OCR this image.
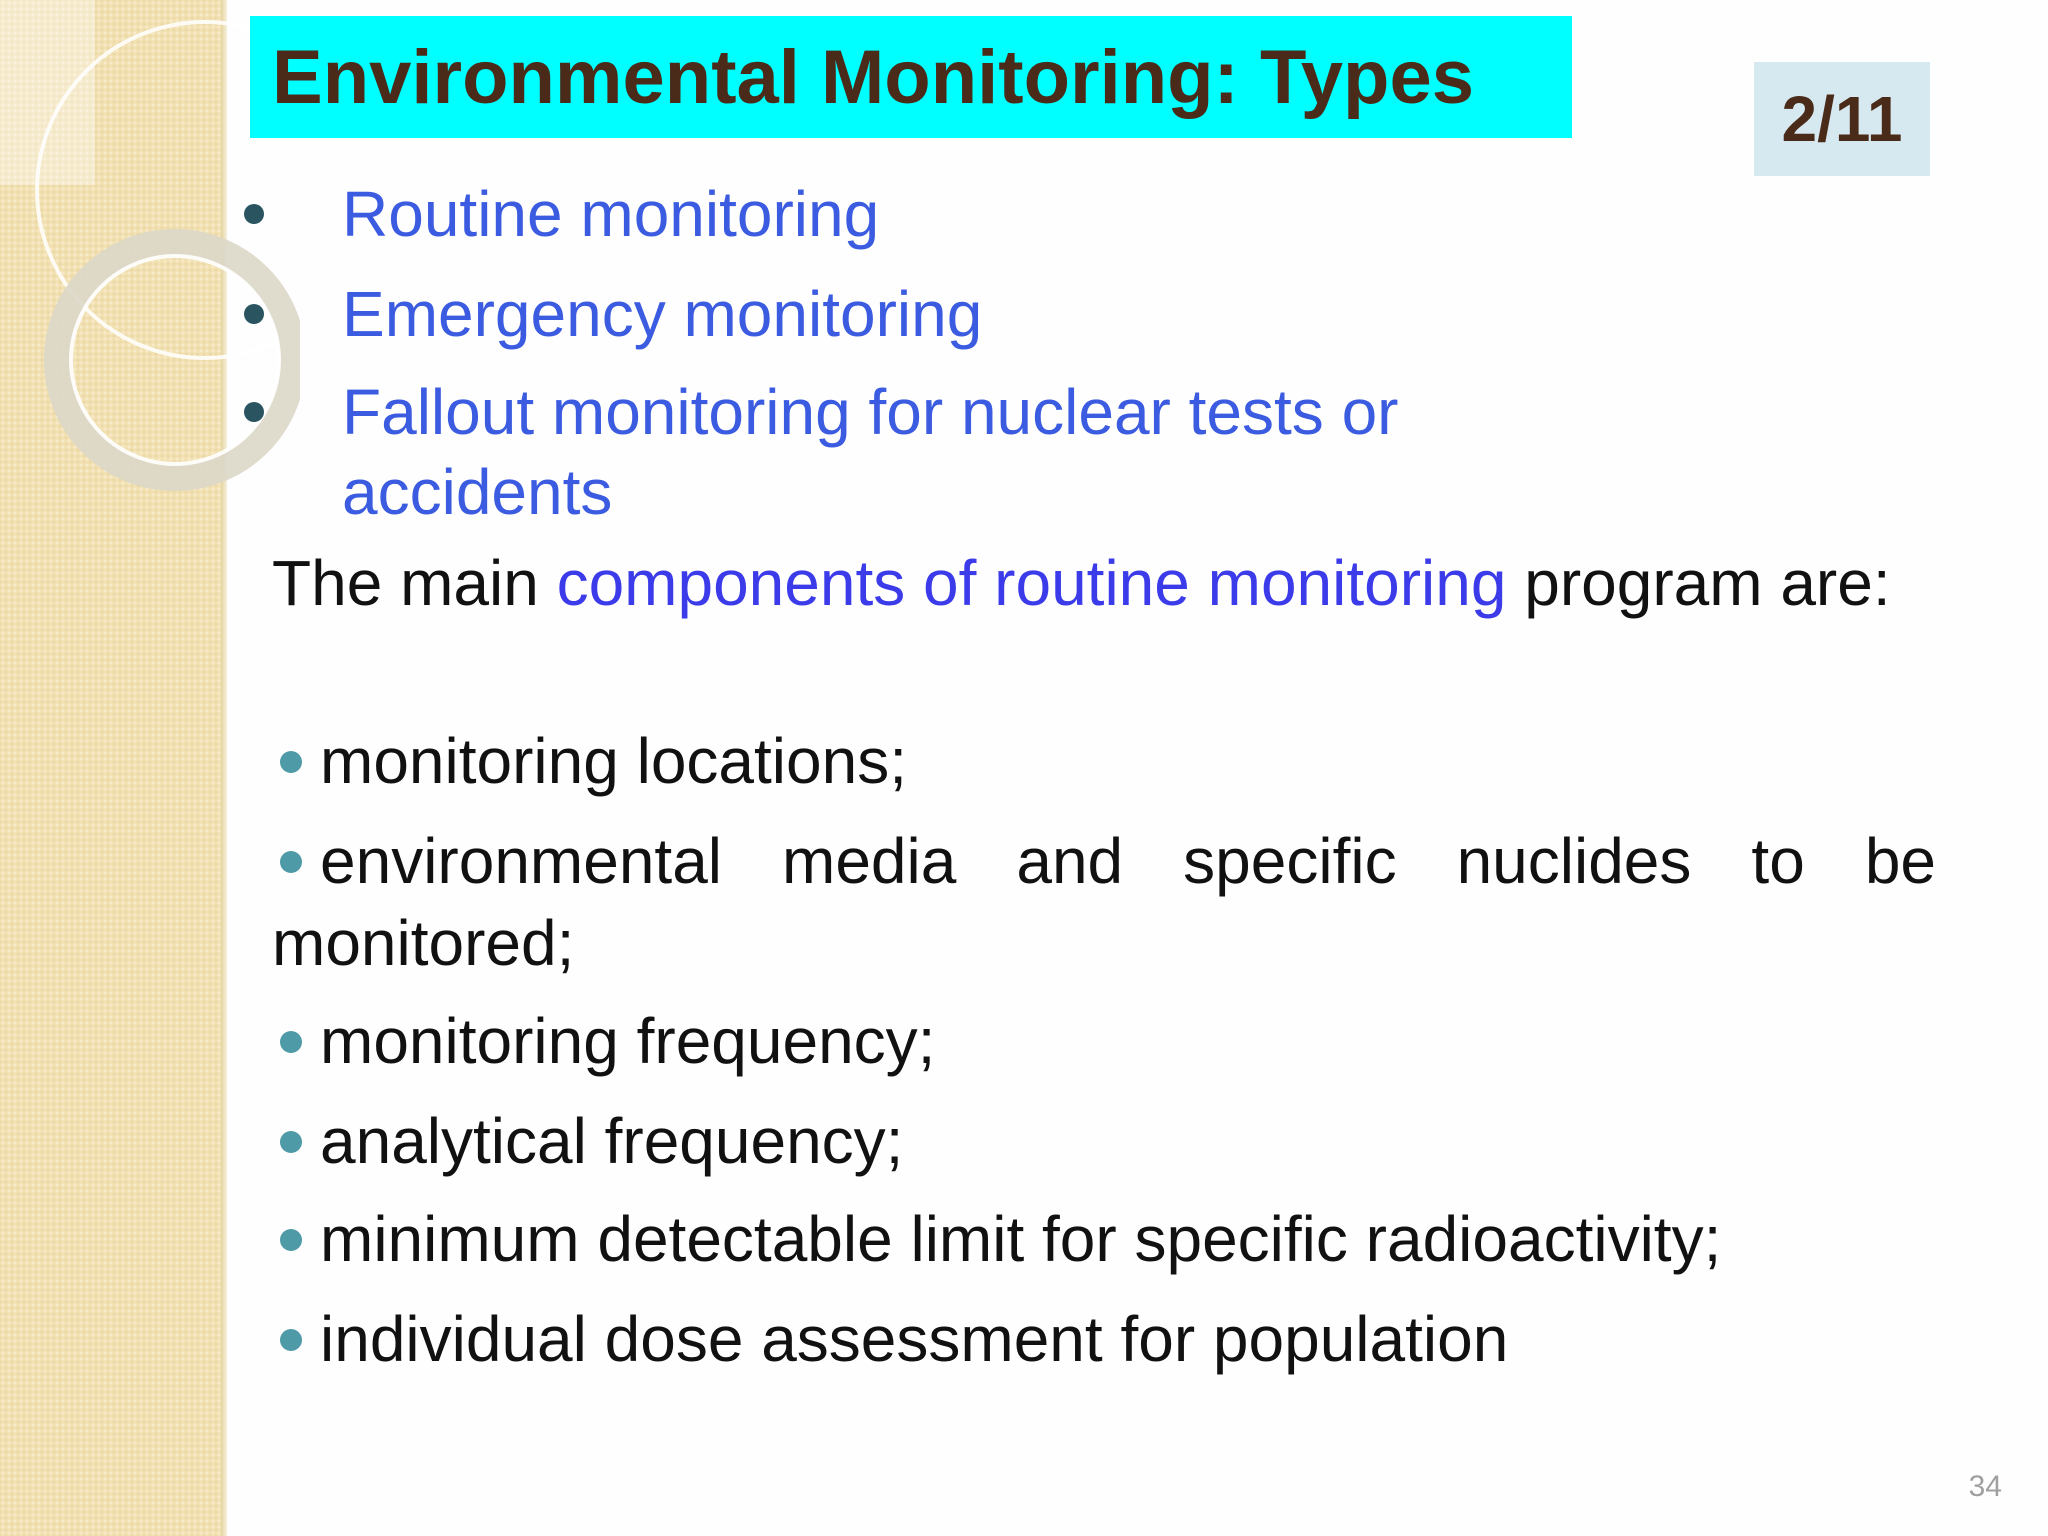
Environmental Monitoring: Types	2/11
Routine monitoring
Emergency monitoring
Fallout monitoring for nuclear tests or accidents
The main components of routine monitoring program are:
monitoring locations;
environmental media and specific nuclides to be monitored;
monitoring frequency;
analytical frequency;
minimum detectable limit for specific radioactivity;
individual dose assessment for population
34
